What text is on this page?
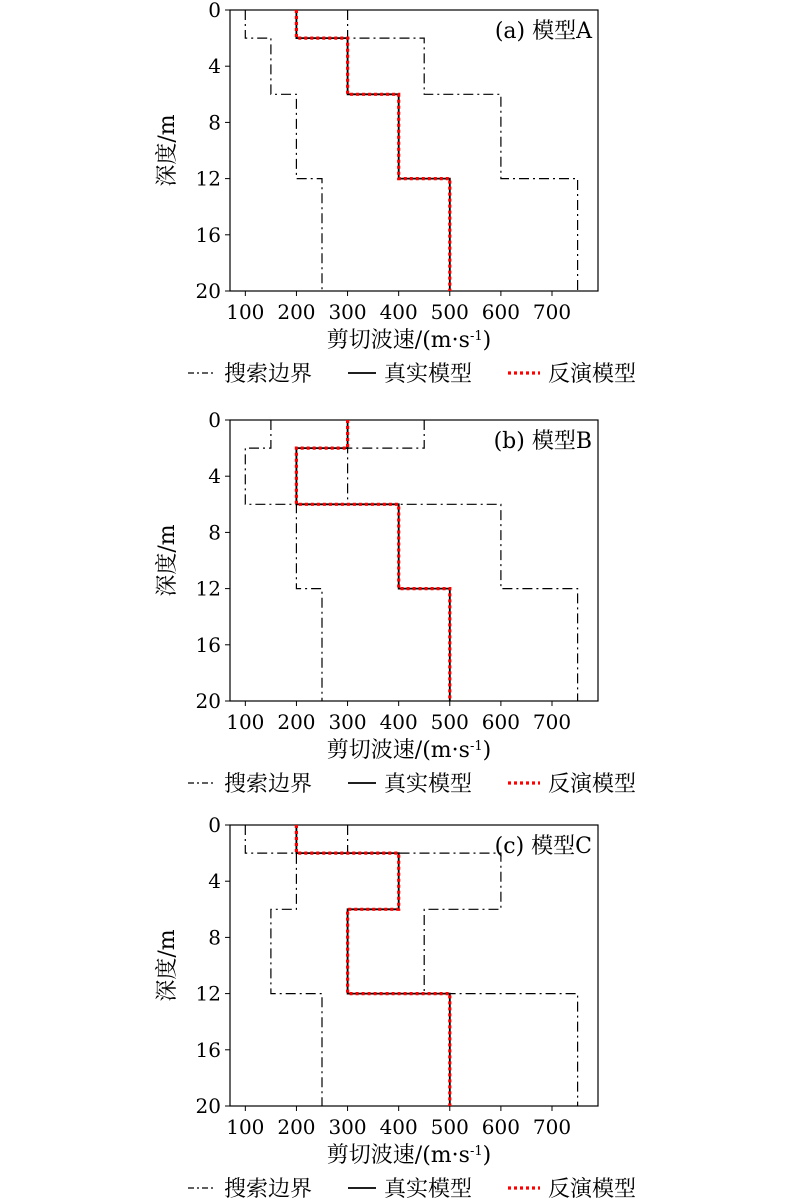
0
4
8
12
16
20
100 200 300 400 500 600 700
深度/m
剪切波速$/(m\cdot s^{-1})$
(a) 模型A
搜索边界	真实模型	反演模型
0
4
8
12
16
20
100 200 300 400 500 600 700
深度/m
剪切波速$/(m\cdot s^{-1})$
(b) 模型B
搜索边界	真实模型	反演模型
0
4
8
12
16
20
100 200 300 400 500 600 700
深度/m
剪切波速$/(m\cdot s^{-1})$
(c) 模型C
搜索边界	真实模型	反演模型
